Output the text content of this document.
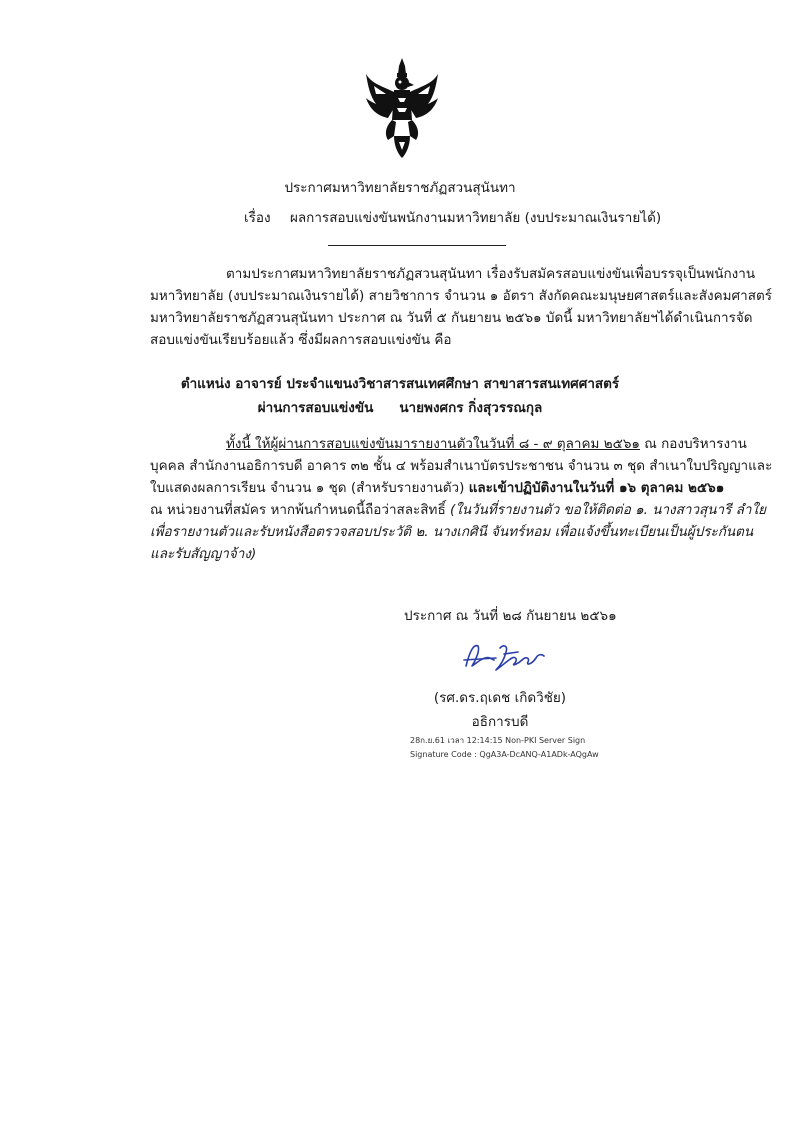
ประกาศมหาวิทยาลัยราชภัฏสวนสุนันทา
เรื่อง ผลการสอบแข่งขันพนักงานมหาวิทยาลัย (งบประมาณเงินรายได้)
ตามประกาศมหาวิทยาลัยราชภัฏสวนสุนันทา เรื่องรับสมัครสอบแข่งขันเพื่อบรรจุเป็นพนักงาน
มหาวิทยาลัย (งบประมาณเงินรายได้) สายวิชาการ จำนวน ๑ อัตรา สังกัดคณะมนุษยศาสตร์และสังคมศาสตร์
มหาวิทยาลัยราชภัฏสวนสุนันทา ประกาศ ณ วันที่ ๕ กันยายน ๒๕๖๑ บัดนี้ มหาวิทยาลัยฯได้ดำเนินการจัด
สอบแข่งขันเรียบร้อยแล้ว ซึ่งมีผลการสอบแข่งขัน คือ
ตำแหน่ง อาจารย์ ประจำแขนงวิชาสารสนเทศศึกษา สาขาสารสนเทศศาสตร์
ผ่านการสอบแข่งขัน นายพงศกร กิ่งสุวรรณกุล
ทั้งนี้ ให้ผู้ผ่านการสอบแข่งขันมารายงานตัวในวันที่ ๘ - ๙ ตุลาคม ๒๕๖๑ ณ กองบริหารงาน
บุคคล สำนักงานอธิการบดี อาคาร ๓๒ ชั้น ๔ พร้อมสำเนาบัตรประชาชน จำนวน ๓ ชุด สำเนาใบปริญญาและ
ใบแสดงผลการเรียน จำนวน ๑ ชุด (สำหรับรายงานตัว) และเข้าปฏิบัติงานในวันที่ ๑๖ ตุลาคม ๒๕๖๑
ณ หน่วยงานที่สมัคร หากพ้นกำหนดนี้ถือว่าสละสิทธิ์ (ในวันที่รายงานตัว ขอให้ติดต่อ ๑. นางสาวสุนารี ลำใย
เพื่อรายงานตัวและรับหนังสือตรวจสอบประวัติ ๒. นางเกศินี จันทร์หอม เพื่อแจ้งขึ้นทะเบียนเป็นผู้ประกันตน
และรับสัญญาจ้าง)
ประกาศ ณ วันที่ ๒๘ กันยายน ๒๕๖๑
(รศ.ดร.ฤเดช เกิดวิชัย)
อธิการบดี
28ก.ย.61 เวลา 12:14:15 Non-PKI Server Sign
Signature Code : QgA3A-DcANQ-A1ADk-AQgAw
